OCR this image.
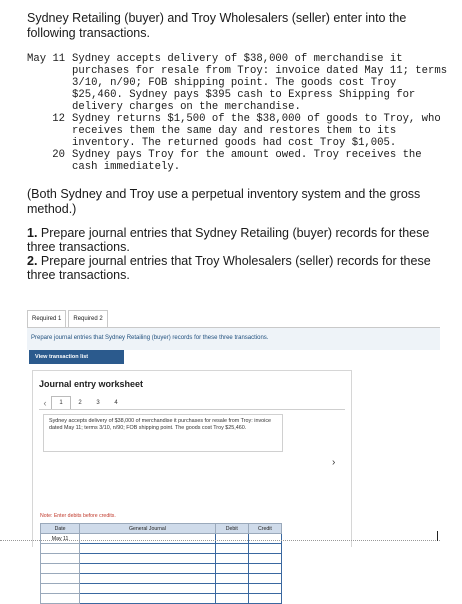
Sydney Retailing (buyer) and Troy Wholesalers (seller) enter into the following transactions.
May 11 Sydney accepts delivery of $38,000 of merchandise it purchases for resale from Troy: invoice dated May 11; terms 3/10, n/90; FOB shipping point. The goods cost Troy $25,460. Sydney pays $395 cash to Express Shipping for delivery charges on the merchandise.
12 Sydney returns $1,500 of the $38,000 of goods to Troy, who receives them the same day and restores them to its inventory. The returned goods had cost Troy $1,005.
20 Sydney pays Troy for the amount owed. Troy receives the cash immediately.
(Both Sydney and Troy use a perpetual inventory system and the gross method.)
1. Prepare journal entries that Sydney Retailing (buyer) records for these three transactions.
2. Prepare journal entries that Troy Wholesalers (seller) records for these three transactions.
Required 1	Required 2
Prepare journal entries that Sydney Retailing (buyer) records for these three transactions.
View transaction list
Journal entry worksheet
‹	1	2	3	4
Sydney accepts delivery of $38,000 of merchandise it purchases for resale from Troy: invoice dated May 11; terms 3/10, n/90; FOB shipping point. The goods cost Troy $25,460.
›
Note: Enter debits before credits.
Date	General Journal	Debit	Credit
May 11			
